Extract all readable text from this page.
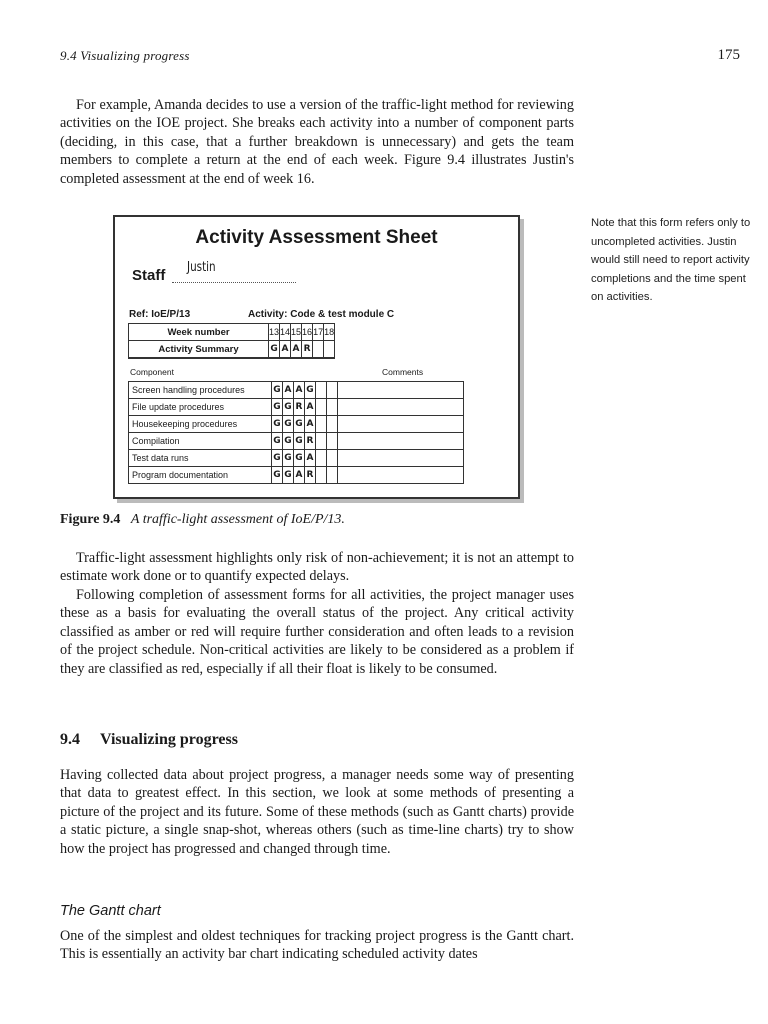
9.4 Visualizing progress	175

For example, Amanda decides to use a version of the traffic-light method for reviewing activities on the IOE project. She breaks each activity into a number of component parts (deciding, in this case, that a further breakdown is unnecessary) and gets the team members to complete a return at the end of each week. Figure 9.4 illustrates Justin's completed assessment at the end of week 16.

Note that this form refers only to uncompleted activities. Justin would still need to report activity completions and the time spent on activities.
Activity Assessment Sheet
Staff Justin
Ref: IoE/P/13	Activity: Code & test module C
Week number	13	14	15	16	17	18
Activity Summary	G	A	A	R		
Component	Comments
Screen handling procedures	G	A	A	G			
File update procedures	G	G	R	A			
Housekeeping procedures	G	G	G	A			
Compilation	G	G	G	R			
Test data runs	G	G	G	A			
Program documentation	G	G	A	R			
Figure 9.4 A traffic-light assessment of IoE/P/13.

Traffic-light assessment highlights only risk of non-achievement; it is not an attempt to estimate work done or to quantify expected delays.

Following completion of assessment forms for all activities, the project manager uses these as a basis for evaluating the overall status of the project. Any critical activity classified as amber or red will require further consideration and often leads to a revision of the project schedule. Non-critical activities are likely to be considered as a problem if they are classified as red, especially if all their float is likely to be consumed.

9.4 Visualizing progress

Having collected data about project progress, a manager needs some way of presenting that data to greatest effect. In this section, we look at some methods of presenting a picture of the project and its future. Some of these methods (such as Gantt charts) provide a static picture, a single snap-shot, whereas others (such as time-line charts) try to show how the project has progressed and changed through time.

The Gantt chart

One of the simplest and oldest techniques for tracking project progress is the Gantt chart. This is essentially an activity bar chart indicating scheduled activity dates
